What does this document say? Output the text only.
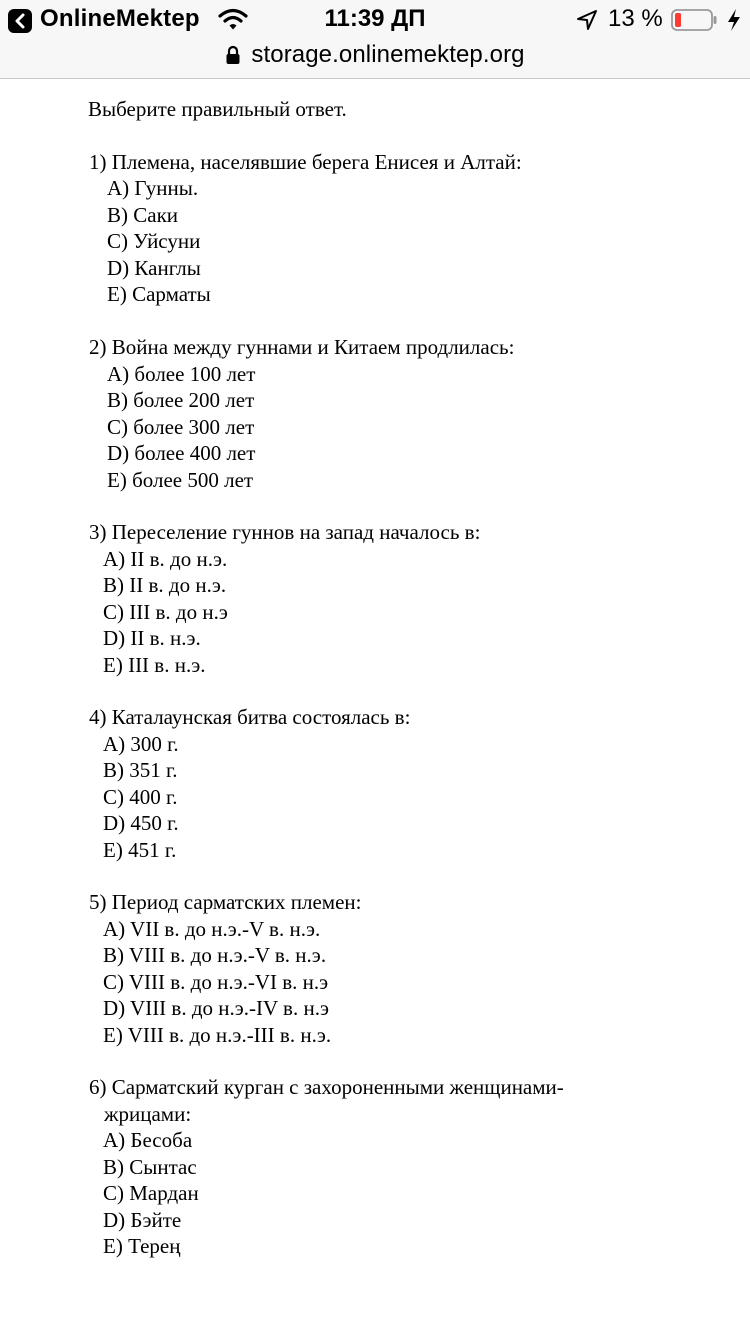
OnlineMektep	11:39 ДП	13 %
storage.onlinemektep.org
Выберите правильный ответ.
1) Племена, населявшие берега Енисея и Алтай:
A) Гунны.
B) Саки
C) Уйсуни
D) Канглы
E) Сарматы
2) Война между гуннами и Китаем продлилась:
A) более 100 лет
B) более 200 лет
C) более 300 лет
D) более 400 лет
E) более 500 лет
3) Переселение гуннов на запад началось в:
A) II в. до н.э.
B) II в. до н.э.
C) III в. до н.э
D) II в. н.э.
E) III в. н.э.
4) Каталаунская битва состоялась в:
A) 300 г.
B) 351 г.
C) 400 г.
D) 450 г.
E) 451 г.
5) Период сарматских племен:
A) VII в. до н.э.-V в. н.э.
B) VIII в. до н.э.-V в. н.э.
C) VIII в. до н.э.-VI в. н.э
D) VIII в. до н.э.-IV в. н.э
E) VIII в. до н.э.-III в. н.э.
6) Сарматский курган с захороненными женщинами-
жрицами:
A) Бесоба
B) Сынтас
C) Мардан
D) Бэйте
E) Терең
